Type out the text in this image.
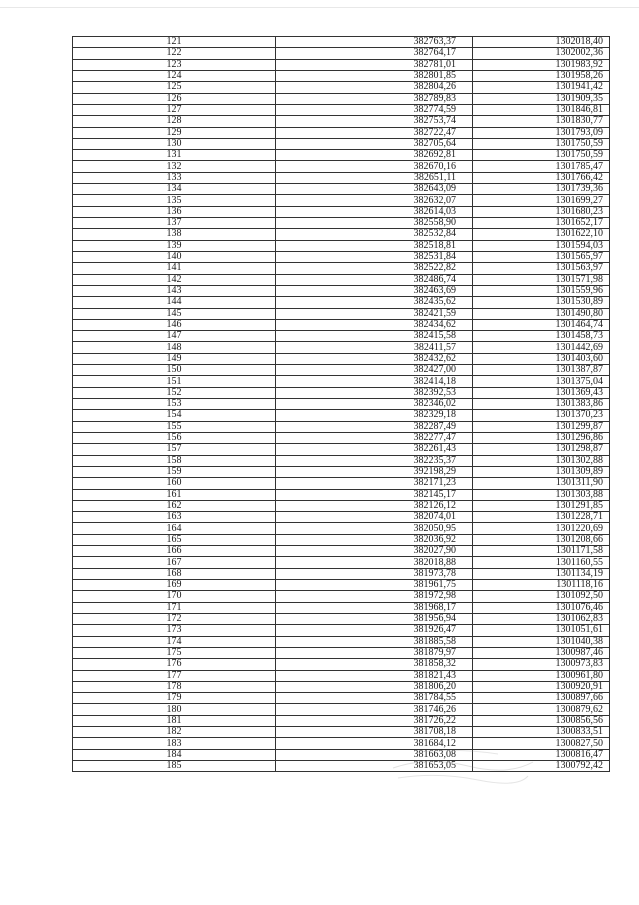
121	382763,37	1302018,40
122	382764,17	1302002,36
123	382781,01	1301983,92
124	382801,85	1301958,26
125	382804,26	1301941,42
126	382789,83	1301909,35
127	382774,59	1301846,81
128	382753,74	1301830,77
129	382722,47	1301793,09
130	382705,64	1301750,59
131	382692,81	1301750,59
132	382670,16	1301785,47
133	382651,11	1301766,42
134	382643,09	1301739,36
135	382632,07	1301699,27
136	382614,03	1301680,23
137	382558,90	1301652,17
138	382532,84	1301622,10
139	382518,81	1301594,03
140	382531,84	1301565,97
141	382522,82	1301563,97
142	382486,74	1301571,98
143	382463,69	1301559,96
144	382435,62	1301530,89
145	382421,59	1301490,80
146	382434,62	1301464,74
147	382415,58	1301458,73
148	382411,57	1301442,69
149	382432,62	1301403,60
150	382427,00	1301387,87
151	382414,18	1301375,04
152	382392,53	1301369,43
153	382346,02	1301383,86
154	382329,18	1301370,23
155	382287,49	1301299,87
156	382277,47	1301296,86
157	382261,43	1301298,87
158	382235,37	1301302,88
159	392198,29	1301309,89
160	382171,23	1301311,90
161	382145,17	1301303,88
162	382126,12	1301291,85
163	382074,01	1301228,71
164	382050,95	1301220,69
165	382036,92	1301208,66
166	382027,90	1301171,58
167	382018,88	1301160,55
168	381973,78	1301134,19
169	381961,75	1301118,16
170	381972,98	1301092,50
171	381968,17	1301076,46
172	381956,94	1301062,83
173	381926,47	1301051,61
174	381885,58	1301040,38
175	381879,97	1300987,46
176	381858,32	1300973,83
177	381821,43	1300961,80
178	381806,20	1300920,91
179	381784,55	1300897,66
180	381746,26	1300879,62
181	381726,22	1300856,56
182	381708,18	1300833,51
183	381684,12	1300827,50
184	381663,08	1300816,47
185	381653,05	1300792,42
